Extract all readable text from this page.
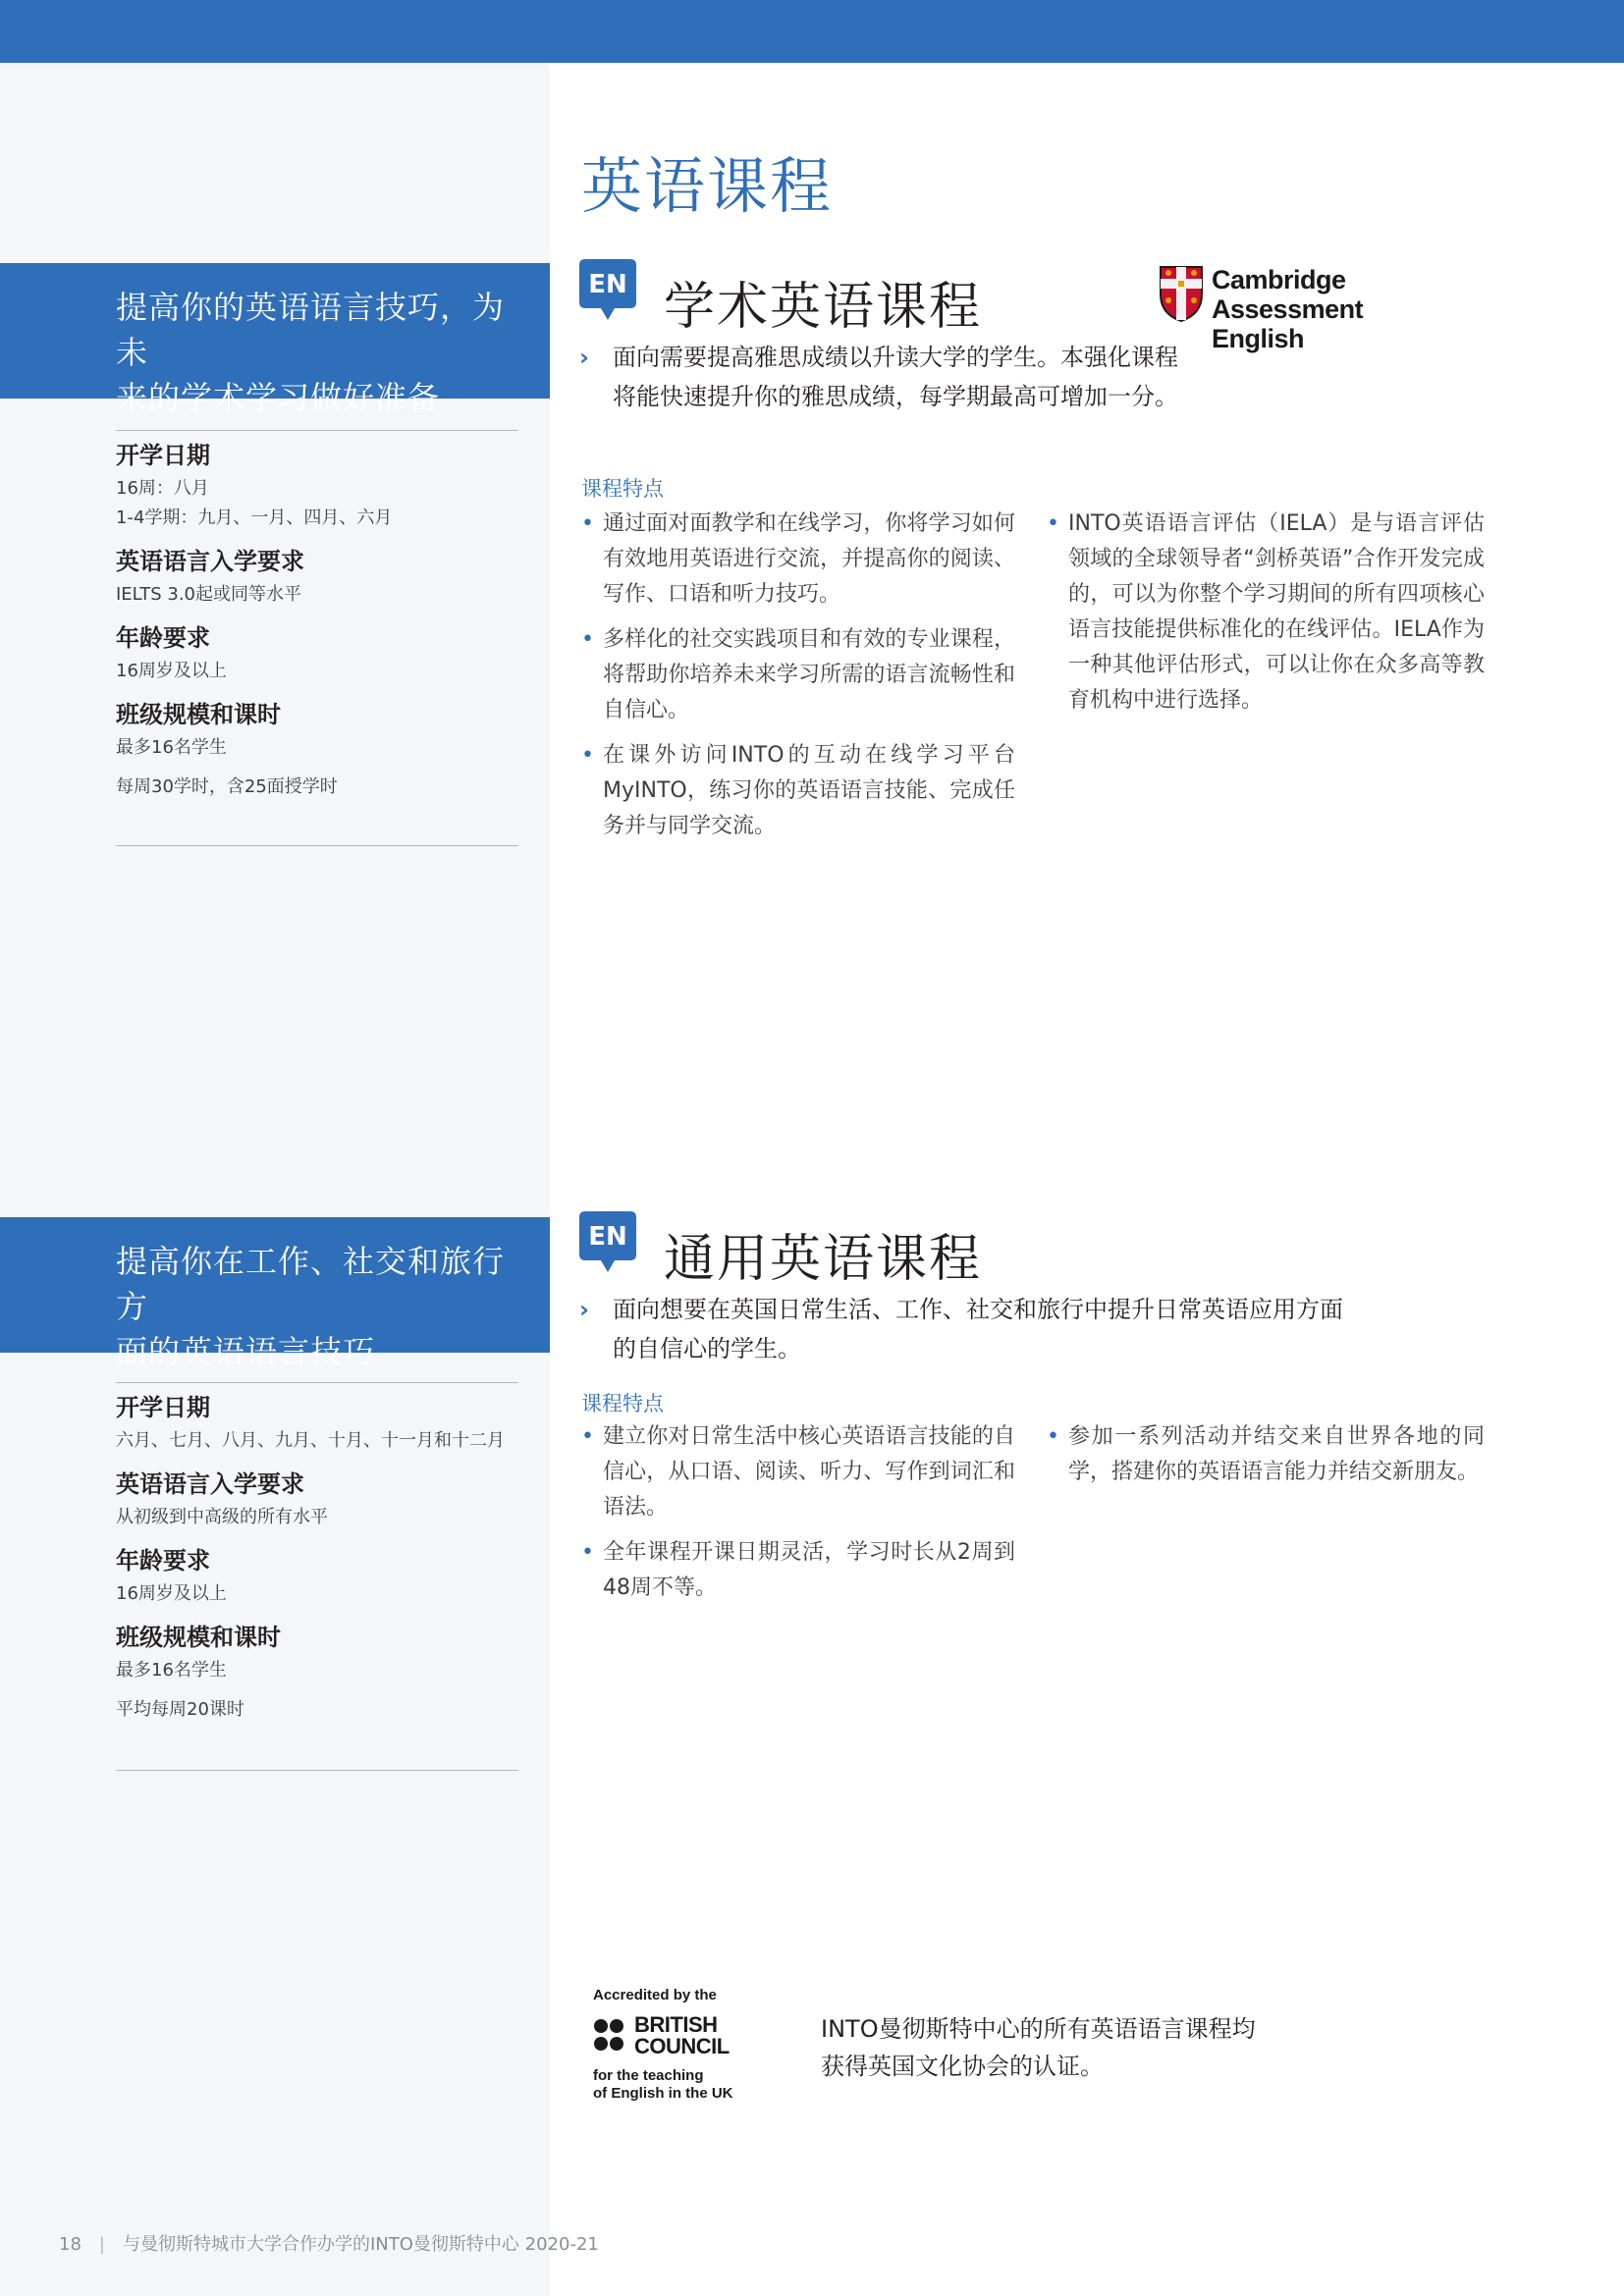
英语课程
提高你的英语语言技巧，为未
来的学术学习做好准备
开学日期
16周：八月
1-4学期：九月、一月、四月、六月
英语语言入学要求
IELTS 3.0起或同等水平
年龄要求
16周岁及以上
班级规模和课时
最多16名学生
每周30学时，含25面授学时
EN 学术英语课程	Cambridge Assessment
English
›	面向需要提高雅思成绩以升读大学的学生。本强化课程
将能快速提升你的雅思成绩，每学期最高可增加一分。
课程特点
• 通过面对面教学和在线学习，你将学习如何有效地用英语进行交流，并提高你的阅读、写作、口语和听力技巧。
• 多样化的社交实践项目和有效的专业课程，将帮助你培养未来学习所需的语言流畅性和自信心。
• 在课外访问INTO的互动在线学习平台MyINTO，练习你的英语语言技能、完成任务并与同学交流。
• INTO英语语言评估（IELA）是与语言评估领域的全球领导者“剑桥英语”合作开发完成的，可以为你整个学习期间的所有四项核心语言技能提供标准化的在线评估。IELA作为一种其他评估形式，可以让你在众多高等教育机构中进行选择。
提高你在工作、社交和旅行方
面的英语语言技巧
开学日期
六月、七月、八月、九月、十月、十一月和十二月
英语语言入学要求
从初级到中高级的所有水平
年龄要求
16周岁及以上
班级规模和课时
最多16名学生
平均每周20课时
EN 通用英语课程
›	面向想要在英国日常生活、工作、社交和旅行中提升日常英语应用方面
的自信心的学生。
课程特点
• 建立你对日常生活中核心英语语言技能的自信心，从口语、阅读、听力、写作到词汇和语法。
• 全年课程开课日期灵活，学习时长从2周到48周不等。
• 参加一系列活动并结交来自世界各地的同学，搭建你的英语语言能力并结交新朋友。
Accredited by the
BRITISH
COUNCIL
for the teaching
of English in the UK
INTO曼彻斯特中心的所有英语语言课程均
获得英国文化协会的认证。
18 | 与曼彻斯特城市大学合作办学的INTO曼彻斯特中心 2020-21
